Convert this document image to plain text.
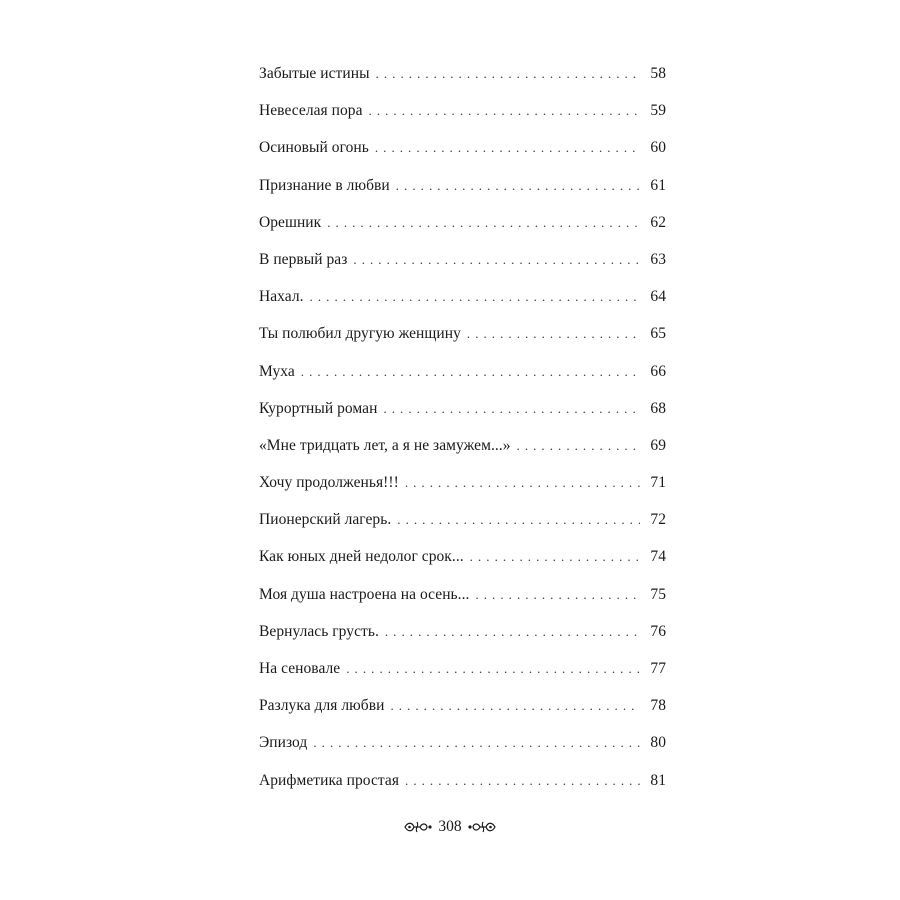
Забытые истины . . .	58
Невеселая пора . . .	59
Осиновый огонь . . .	60
Признание в любви . . .	61
Орешник . . .	62
В первый раз . . .	63
Нахал. . . .	64
Ты полюбил другую женщину . . .	65
Муха . . .	66
Курортный роман . . .	68
«Мне тридцать лет, а я не замужем...» . . .	69
Хочу продолженья!!! . . .	71
Пионерский лагерь. . . .	72
Как юных дней недолог срок... . . .	74
Моя душа настроена на осень... . . .	75
Вернулась грусть. . . .	76
На сеновале . . .	77
Разлука для любви . . .	78
Эпизод . . .	80
Арифметика простая . . .	81
308
